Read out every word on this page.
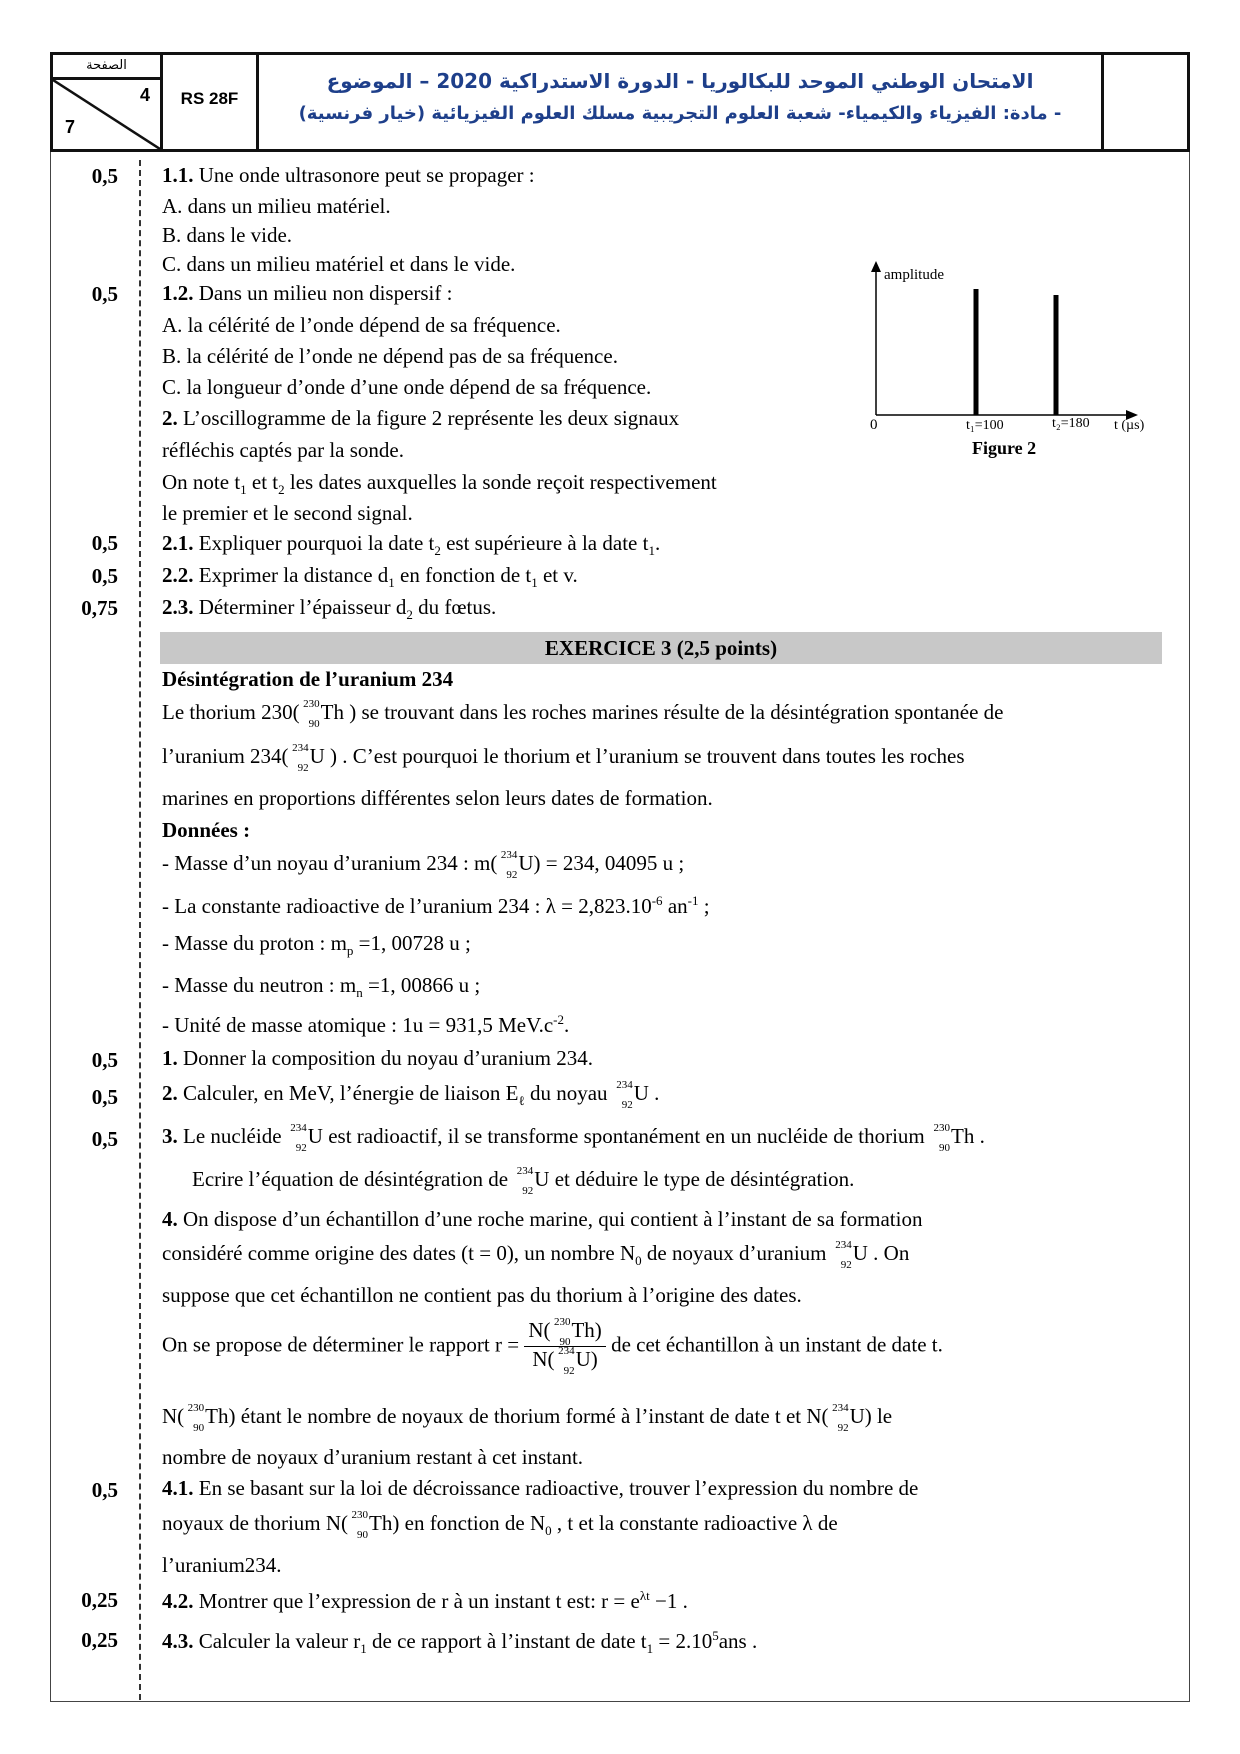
الصفحة
4
7
RS 28F
الامتحان الوطني الموحد للبكالوريا - الدورة الاستدراكية 2020 – الموضوع
- مادة: الفيزياء والكيمياء- شعبة العلوم التجريبية مسلك العلوم الفيزيائية (خيار فرنسية)
0,5
0,5
0,5
0,5
0,75
0,5
0,5
0,5
0,5
0,25
0,25
1.1. Une onde ultrasonore peut se propager :
A. dans un milieu matériel.
B. dans le vide.
C. dans un milieu matériel et dans le vide.
1.2. Dans un milieu non dispersif :
A. la célérité de l’onde dépend de sa fréquence.
B. la célérité de l’onde ne dépend pas de sa fréquence.
C. la longueur d’onde d’une onde dépend de sa fréquence.
2. L’oscillogramme de la figure 2 représente les deux signaux
réfléchis captés par la sonde.
On note $t_1$ et $t_2$ les dates auxquelles la sonde reçoit respectivement
le premier et le second signal.
2.1. Expliquer pourquoi la date $t_2$ est supérieure à la date $t_1$.
2.2. Exprimer la distance $d_1$ en fonction de $t_1$ et v.
2.3. Déterminer l’épaisseur $d_2$ du fœtus.
amplitude
0	t₁=100	t₂=180 t (µs)
Figure 2
EXERCICE 3 (2,5 points)
Désintégration de l’uranium 234
Le thorium 230( 230
90
Th ) se trouvant dans les roches marines résulte de la désintégration spontanée de
l’uranium 234( 234
92
U ) . C’est pourquoi le thorium et l’uranium se trouvent dans toutes les roches
marines en proportions différentes selon leurs dates de formation.
Données :
- Masse d’un noyau d’uranium 234 : m( 234
92
U) = 234, 04095 u ;
- La constante radioactive de l’uranium 234 : $\lambda = 2,823.10^{-6}$ $an^{-1}$ ;
- Masse du proton : $m_p =1$, 00728 u ;
- Masse du neutron : $m_n =1$, 00866 u ;
- Unité de masse atomique : 1u = 931,5 $MeV.c^{-2}$.
1. Donner la composition du noyau d’uranium 234.
2. Calculer, en MeV, l’énergie de liaison $E_\ell$ du noyau 234
92
U .
3. Le nucléide 234
92
U est radioactif, il se transforme spontanément en un nucléide de thorium 230
90
Th .
Ecrire l’équation de désintégration de 234
92
U et déduire le type de désintégration.
4. On dispose d’un échantillon d’une roche marine, qui contient à l’instant de sa formation
considéré comme origine des dates (t = 0), un nombre $N_0$ de noyaux d’uranium 234
92
U . On
suppose que cet échantillon ne contient pas du thorium à l’origine des dates.
On se propose de déterminer le rapport r = N( 230
90
Th)
N( 234
92
U) de cet échantillon à un instant de date t.
N( 230
90
Th) étant le nombre de noyaux de thorium formé à l’instant de date t et N( 234
92
U) le
nombre de noyaux d’uranium restant à cet instant.
4.1. En se basant sur la loi de décroissance radioactive, trouver l’expression du nombre de
noyaux de thorium N( 230
90
Th) en fonction de $N_0$ , t et la constante radioactive λ de
l’uranium234.
4.2. Montrer que l’expression de r à un instant t est: $r = e^{\lambda t} -1$ .
4.3. Calculer la valeur $r_1$ de ce rapport à l’instant de date $t_1 = 2.10^5ans$ .
